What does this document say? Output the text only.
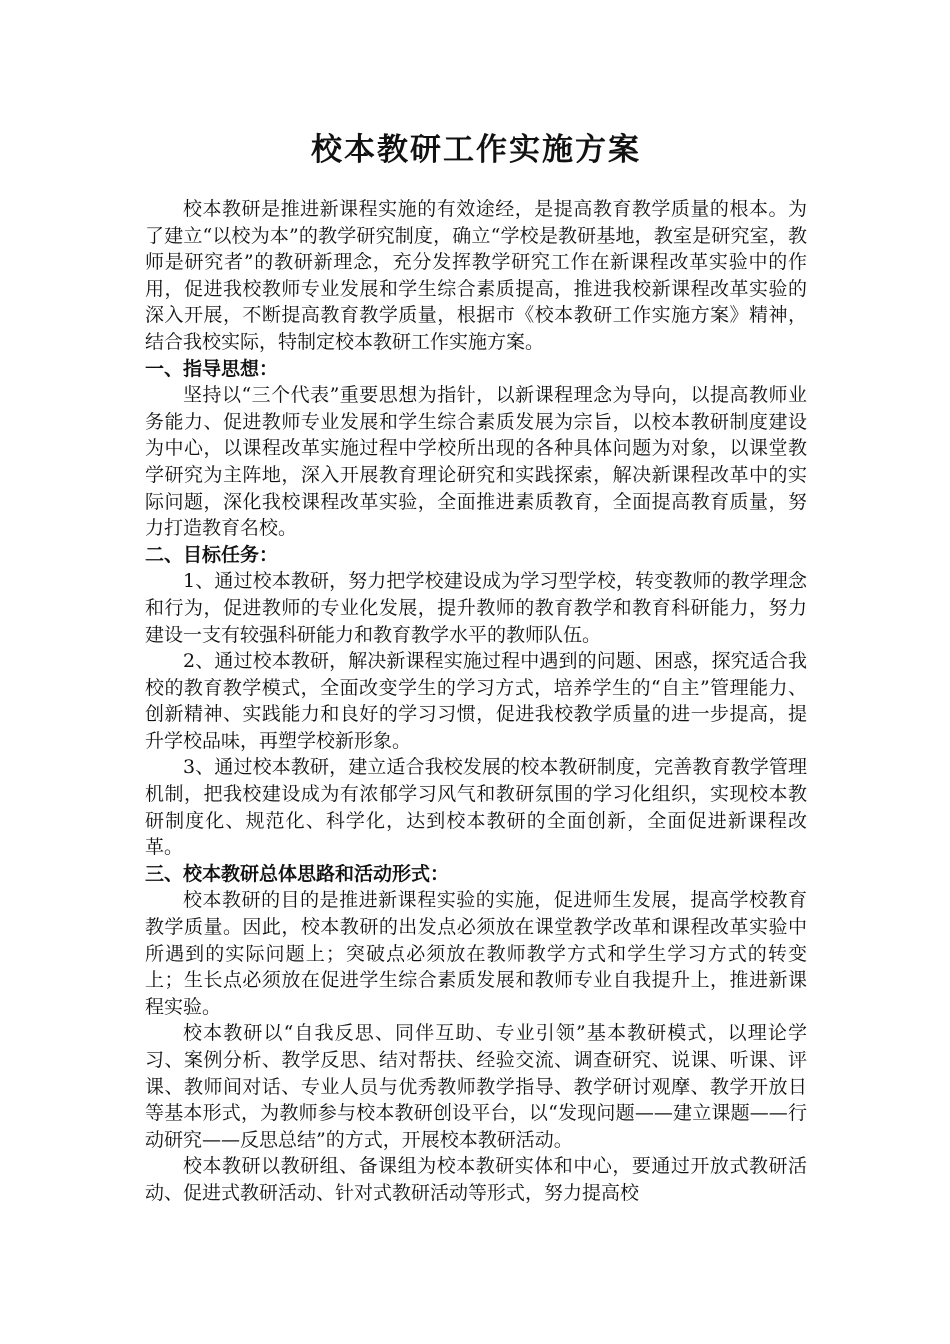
校本教研工作实施方案

校本教研是推进新课程实施的有效途经，是提高教育教学质量的根本。为了建立“以校为本”的教学研究制度，确立“学校是教研基地，教室是研究室，教师是研究者”的教研新理念，充分发挥教学研究工作在新课程改革实验中的作用，促进我校教师专业发展和学生综合素质提高，推进我校新课程改革实验的深入开展，不断提高教育教学质量，根据市《校本教研工作实施方案》精神，结合我校实际，特制定校本教研工作实施方案。

一、指导思想：

坚持以“三个代表”重要思想为指针，以新课程理念为导向，以提高教师业务能力、促进教师专业发展和学生综合素质发展为宗旨，以校本教研制度建设为中心，以课程改革实施过程中学校所出现的各种具体问题为对象，以课堂教学研究为主阵地，深入开展教育理论研究和实践探索，解决新课程改革中的实际问题，深化我校课程改革实验，全面推进素质教育，全面提高教育质量，努力打造教育名校。

二、目标任务：

1、通过校本教研，努力把学校建设成为学习型学校，转变教师的教学理念和行为，促进教师的专业化发展，提升教师的教育教学和教育科研能力，努力建设一支有较强科研能力和教育教学水平的教师队伍。

2、通过校本教研，解决新课程实施过程中遇到的问题、困惑，探究适合我校的教育教学模式，全面改变学生的学习方式，培养学生的“自主”管理能力、创新精神、实践能力和良好的学习习惯，促进我校教学质量的进一步提高，提升学校品味，再塑学校新形象。

3、通过校本教研，建立适合我校发展的校本教研制度，完善教育教学管理机制，把我校建设成为有浓郁学习风气和教研氛围的学习化组织，实现校本教研制度化、规范化、科学化，达到校本教研的全面创新，全面促进新课程改革。

三、校本教研总体思路和活动形式：

校本教研的目的是推进新课程实验的实施，促进师生发展，提高学校教育教学质量。因此，校本教研的出发点必须放在课堂教学改革和课程改革实验中所遇到的实际问题上；突破点必须放在教师教学方式和学生学习方式的转变上；生长点必须放在促进学生综合素质发展和教师专业自我提升上，推进新课程实验。

校本教研以“自我反思、同伴互助、专业引领”基本教研模式，以理论学习、案例分析、教学反思、结对帮扶、经验交流、调查研究、说课、听课、评课、教师间对话、专业人员与优秀教师教学指导、教学研讨观摩、教学开放日等基本形式，为教师参与校本教研创设平台，以“发现问题——建立课题——行动研究——反思总结”的方式，开展校本教研活动。

校本教研以教研组、备课组为校本教研实体和中心，要通过开放式教研活动、促进式教研活动、针对式教研活动等形式，努力提高校
